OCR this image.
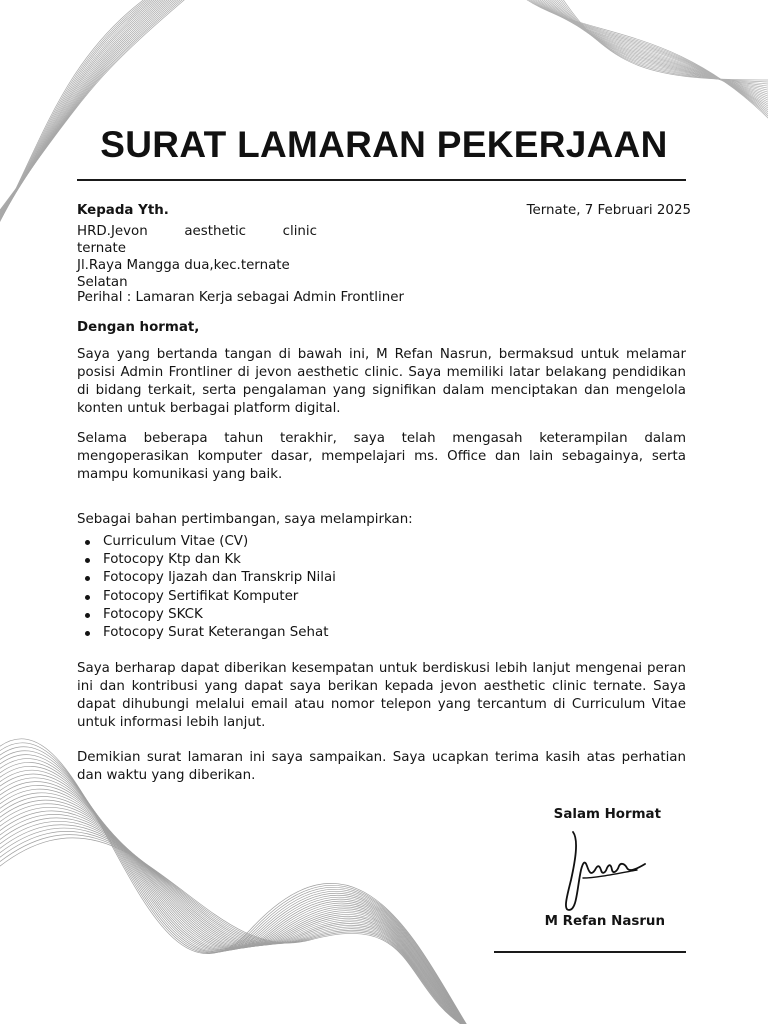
SURAT LAMARAN PEKERJAAN

Kepada Yth.	Ternate, 7 Februari 2025

HRD.Jevon	aesthetic	clinic
ternate
Jl.Raya Mangga dua,kec.ternate
Selatan

Perihal : Lamaran Kerja sebagai Admin Frontliner

Dengan hormat,

Saya yang bertanda tangan di bawah ini, M Refan Nasrun, bermaksud untuk melamar posisi Admin Frontliner di jevon aesthetic clinic. Saya memiliki latar belakang pendidikan di bidang terkait, serta pengalaman yang signifikan dalam menciptakan dan mengelola konten untuk berbagai platform digital.

Selama beberapa tahun terakhir, saya telah mengasah keterampilan dalam mengoperasikan komputer dasar, mempelajari ms. Office dan lain sebagainya, serta mampu komunikasi yang baik.

Sebagai bahan pertimbangan, saya melampirkan:

Curriculum Vitae (CV)
Fotocopy Ktp dan Kk
Fotocopy Ijazah dan Transkrip Nilai
Fotocopy Sertifikat Komputer
Fotocopy SKCK
Fotocopy Surat Keterangan Sehat

Saya berharap dapat diberikan kesempatan untuk berdiskusi lebih lanjut mengenai peran ini dan kontribusi yang dapat saya berikan kepada jevon aesthetic clinic ternate. Saya dapat dihubungi melalui email atau nomor telepon yang tercantum di Curriculum Vitae untuk informasi lebih lanjut.

Demikian surat lamaran ini saya sampaikan. Saya ucapkan terima kasih atas perhatian dan waktu yang diberikan.

Salam Hormat

M Refan Nasrun
